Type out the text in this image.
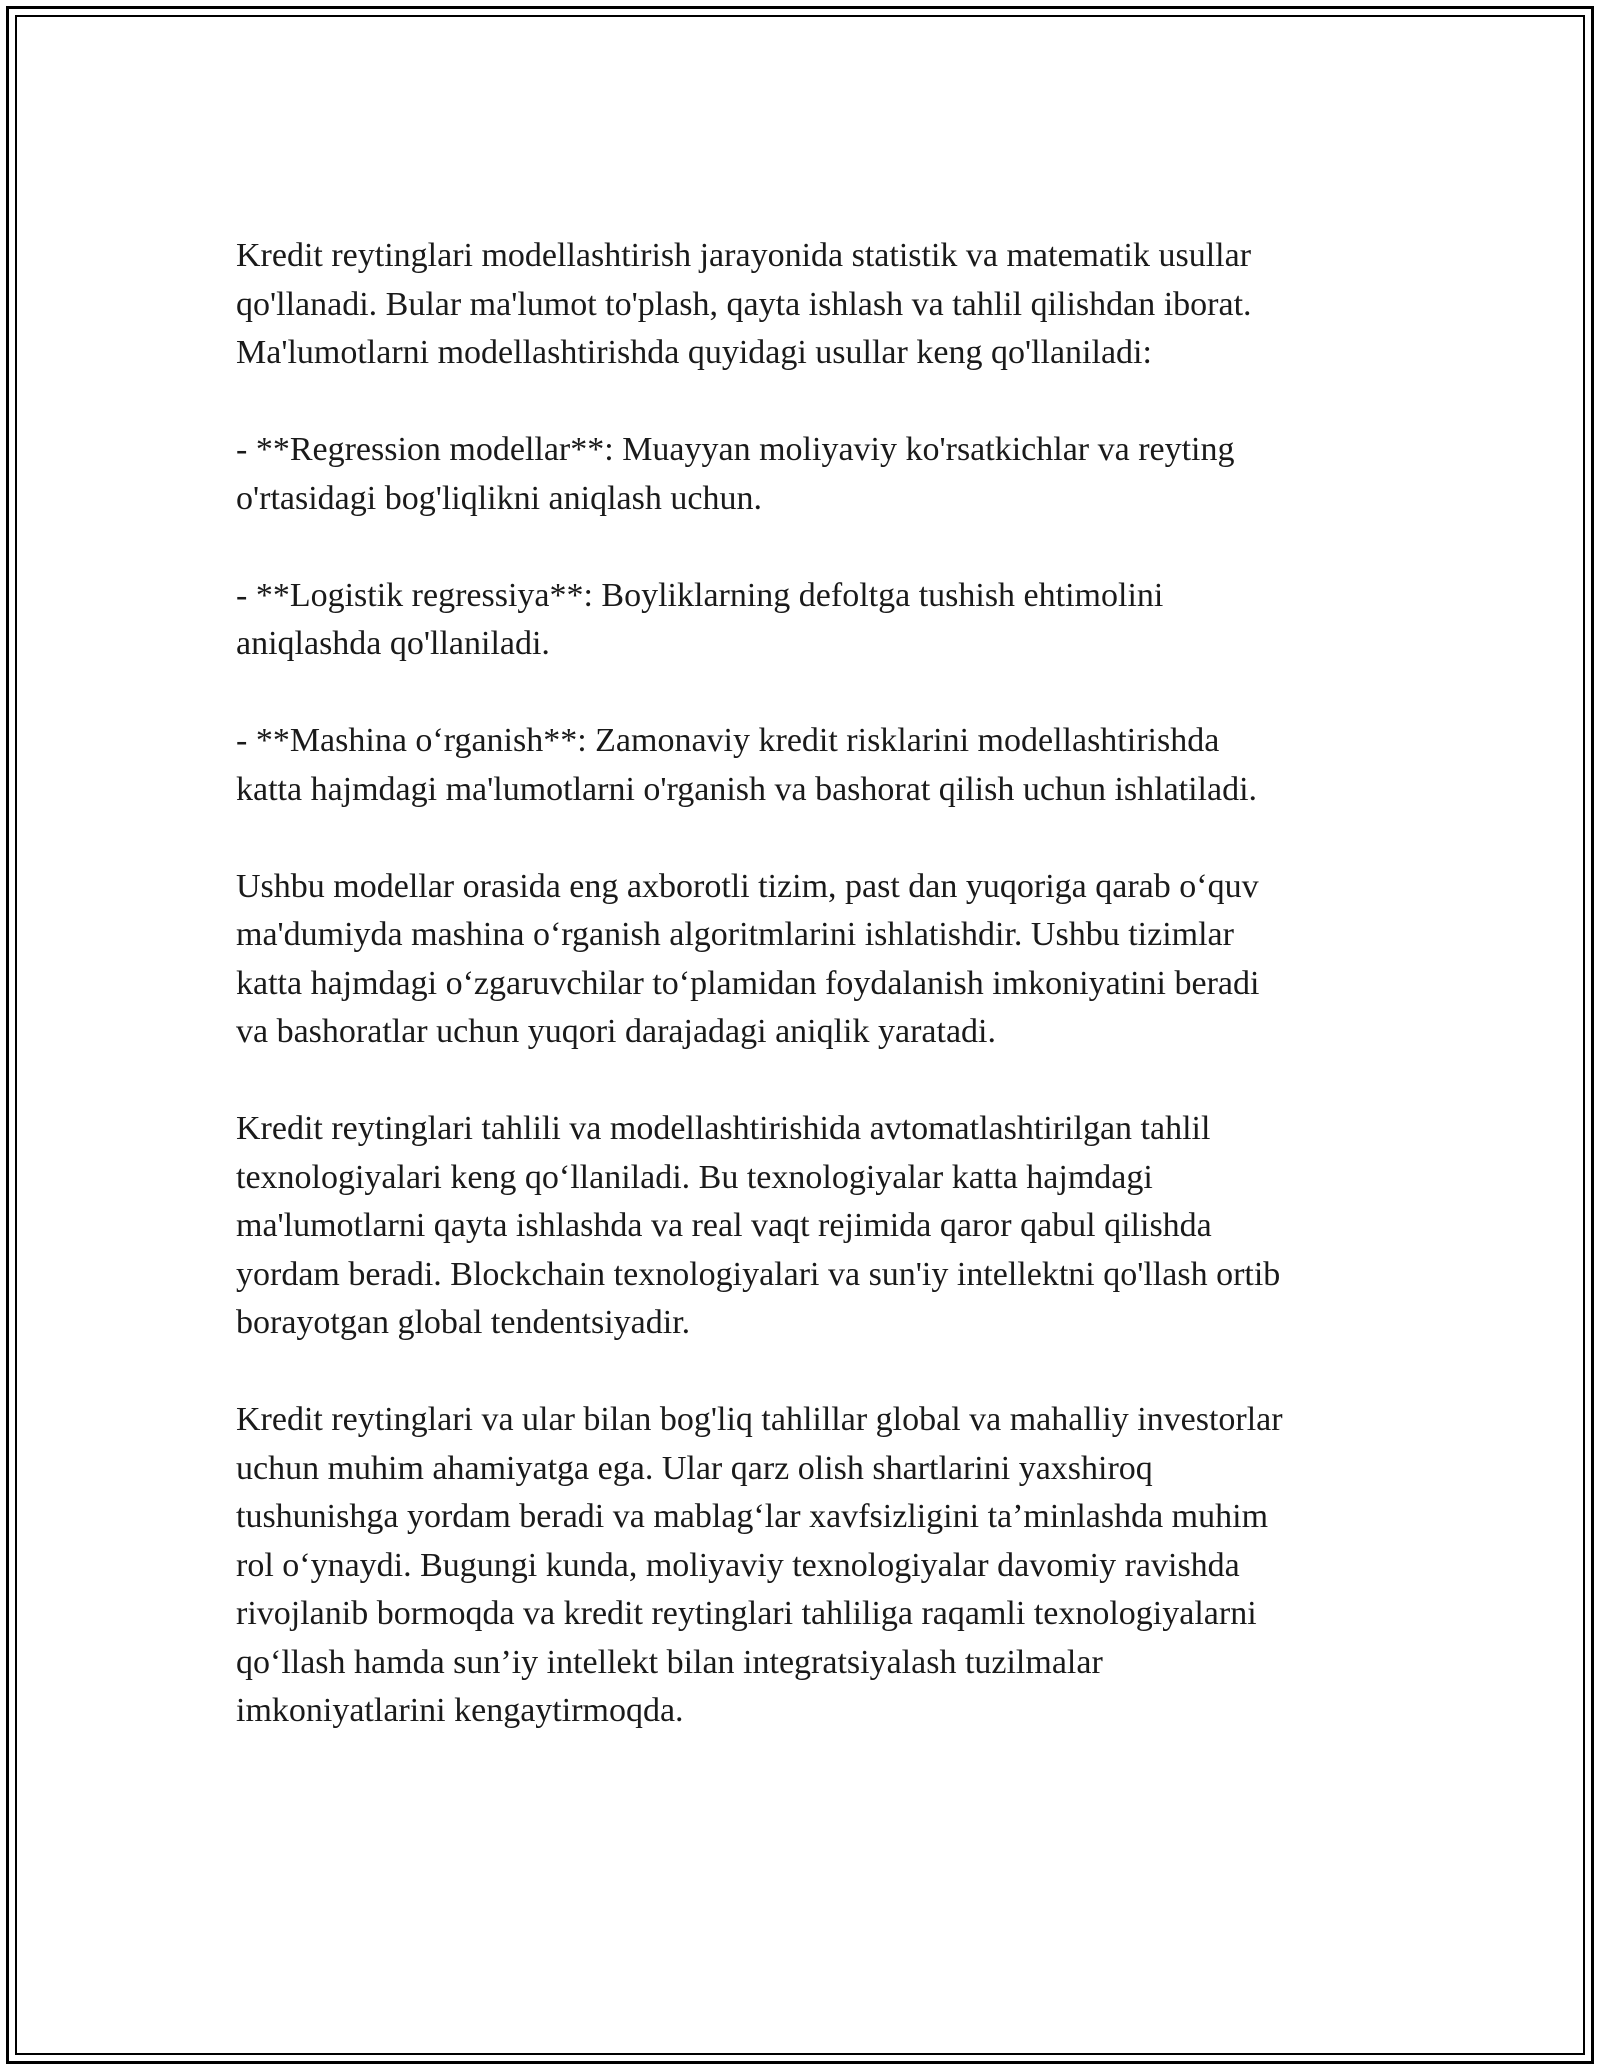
Kredit reytinglari modellashtirish jarayonida statistik va matematik usullar
qo'llanadi. Bular ma'lumot to'plash, qayta ishlash va tahlil qilishdan iborat.
Ma'lumotlarni modellashtirishda quyidagi usullar keng qo'llaniladi:

- **Regression modellar**: Muayyan moliyaviy ko'rsatkichlar va reyting
o'rtasidagi bog'liqlikni aniqlash uchun.

- **Logistik regressiya**: Boyliklarning defoltga tushish ehtimolini
aniqlashda qo'llaniladi.

- **Mashina o‘rganish**: Zamonaviy kredit risklarini modellashtirishda
katta hajmdagi ma'lumotlarni o'rganish va bashorat qilish uchun ishlatiladi.

Ushbu modellar orasida eng axborotli tizim, past dan yuqoriga qarab o‘quv
ma'dumiyda mashina o‘rganish algoritmlarini ishlatishdir. Ushbu tizimlar
katta hajmdagi o‘zgaruvchilar to‘plamidan foydalanish imkoniyatini beradi
va bashoratlar uchun yuqori darajadagi aniqlik yaratadi.

Kredit reytinglari tahlili va modellashtirishida avtomatlashtirilgan tahlil
texnologiyalari keng qo‘llaniladi. Bu texnologiyalar katta hajmdagi
ma'lumotlarni qayta ishlashda va real vaqt rejimida qaror qabul qilishda
yordam beradi. Blockchain texnologiyalari va sun'iy intellektni qo'llash ortib
borayotgan global tendentsiyadir.

Kredit reytinglari va ular bilan bog'liq tahlillar global va mahalliy investorlar
uchun muhim ahamiyatga ega. Ular qarz olish shartlarini yaxshiroq
tushunishga yordam beradi va mablag‘lar xavfsizligini ta’minlashda muhim
rol o‘ynaydi. Bugungi kunda, moliyaviy texnologiyalar davomiy ravishda
rivojlanib bormoqda va kredit reytinglari tahliliga raqamli texnologiyalarni
qo‘llash hamda sun’iy intellekt bilan integratsiyalash tuzilmalar
imkoniyatlarini kengaytirmoqda.
